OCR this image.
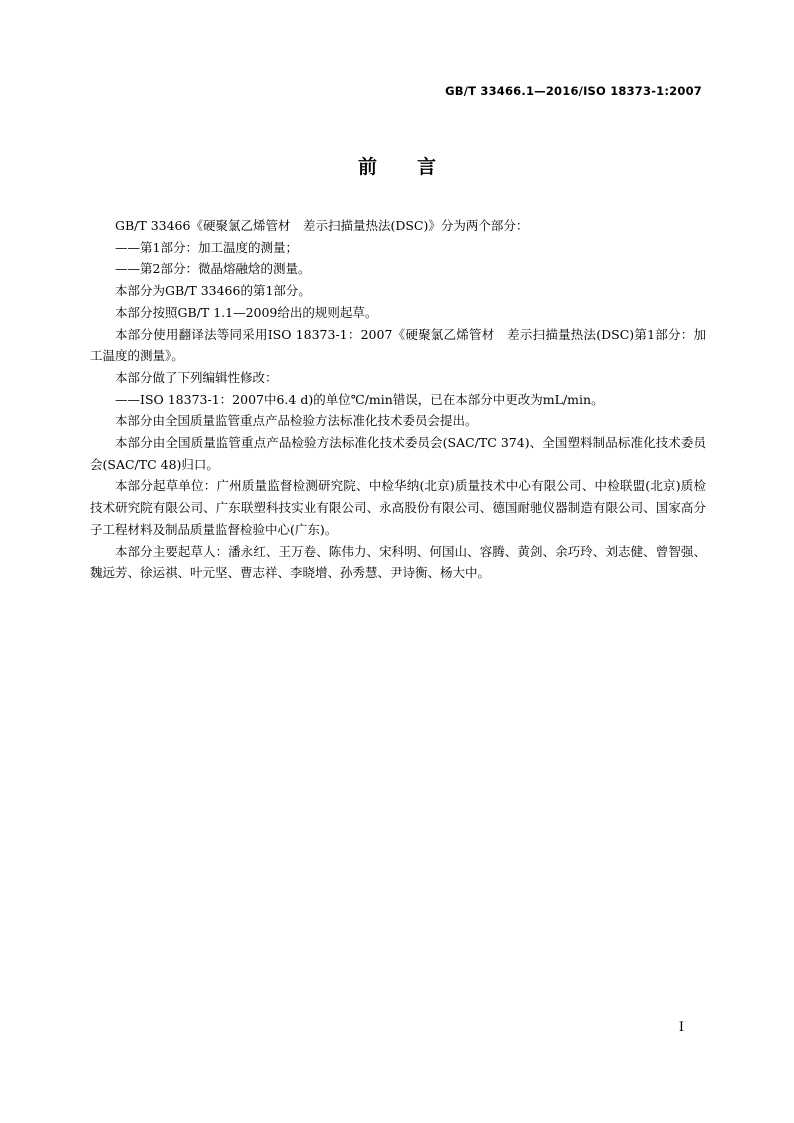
GB/T 33466.1—2016/ISO 18373-1:2007
前 言

GB/T 33466《硬聚氯乙烯管材　差示扫描量热法(DSC)》分为两个部分：

——第1部分：加工温度的测量；

——第2部分：微晶熔融焓的测量。

本部分为GB/T 33466的第1部分。

本部分按照GB/T 1.1—2009给出的规则起草。

本部分使用翻译法等同采用ISO 18373-1：2007《硬聚氯乙烯管材　差示扫描量热法(DSC)第1部分：加工温度的测量》。

本部分做了下列编辑性修改：

——ISO 18373-1：2007中6.4 d)的单位℃/min错误，已在本部分中更改为mL/min。

本部分由全国质量监管重点产品检验方法标准化技术委员会提出。

本部分由全国质量监管重点产品检验方法标准化技术委员会(SAC/TC 374)、全国塑料制品标准化技术委员会(SAC/TC 48)归口。

本部分起草单位：广州质量监督检测研究院、中检华纳(北京)质量技术中心有限公司、中检联盟(北京)质检技术研究院有限公司、广东联塑科技实业有限公司、永高股份有限公司、德国耐驰仪器制造有限公司、国家高分子工程材料及制品质量监督检验中心(广东)。

本部分主要起草人：潘永红、王万卷、陈伟力、宋科明、何国山、容腾、黄剑、余巧玲、刘志健、曾智强、魏远芳、徐运祺、叶元坚、曹志祥、李晓增、孙秀慧、尹诗衡、杨大中。

I
